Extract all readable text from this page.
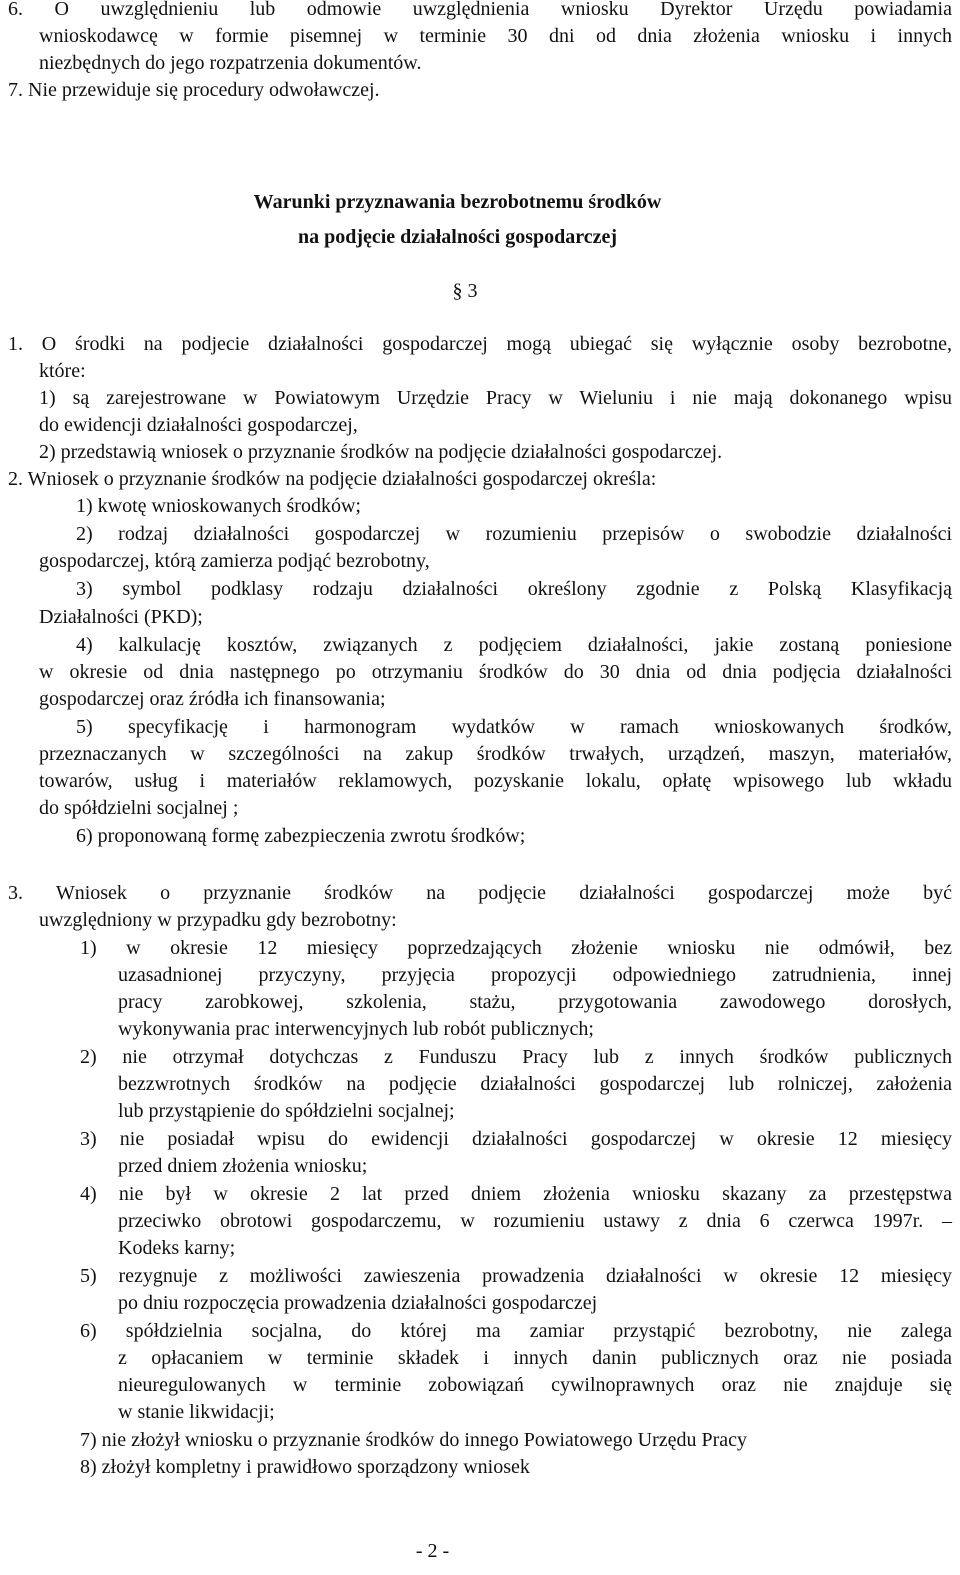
6. O uwzględnieniu lub odmowie uwzględnienia wniosku Dyrektor Urzędu powiadamia
wnioskodawcę w formie pisemnej w terminie 30 dni od dnia złożenia wniosku i innych
niezbędnych do jego rozpatrzenia dokumentów.
7. Nie przewiduje się procedury odwoławczej.
Warunki przyznawania bezrobotnemu środków
na podjęcie działalności gospodarczej
§ 3
1. O środki na podjecie działalności gospodarczej mogą ubiegać się wyłącznie osoby bezrobotne,
które:
1) są zarejestrowane w Powiatowym Urzędzie Pracy w Wieluniu i nie mają dokonanego wpisu
do ewidencji działalności gospodarczej,
2) przedstawią wniosek o przyznanie środków na podjęcie działalności gospodarczej.
2. Wniosek o przyznanie środków na podjęcie działalności gospodarczej określa:
1) kwotę wnioskowanych środków;
2) rodzaj działalności gospodarczej w rozumieniu przepisów o swobodzie działalności
gospodarczej, którą zamierza podjąć bezrobotny,
3) symbol podklasy rodzaju działalności określony zgodnie z Polską Klasyfikacją
Działalności (PKD);
4) kalkulację kosztów, związanych z podjęciem działalności, jakie zostaną poniesione
w okresie od dnia następnego po otrzymaniu środków do 30 dnia od dnia podjęcia działalności
gospodarczej oraz źródła ich finansowania;
5) specyfikację i harmonogram wydatków w ramach wnioskowanych środków,
przeznaczanych w szczególności na zakup środków trwałych, urządzeń, maszyn, materiałów,
towarów, usług i materiałów reklamowych, pozyskanie lokalu, opłatę wpisowego lub wkładu
do spółdzielni socjalnej ;
6) proponowaną formę zabezpieczenia zwrotu środków;
3. Wniosek o przyznanie środków na podjęcie działalności gospodarczej może być
uwzględniony w przypadku gdy bezrobotny:
1) w okresie 12 miesięcy poprzedzających złożenie wniosku nie odmówił, bez
uzasadnionej przyczyny, przyjęcia propozycji odpowiedniego zatrudnienia, innej
pracy zarobkowej, szkolenia, stażu, przygotowania zawodowego dorosłych,
wykonywania prac interwencyjnych lub robót publicznych;
2) nie otrzymał dotychczas z Funduszu Pracy lub z innych środków publicznych
bezzwrotnych środków na podjęcie działalności gospodarczej lub rolniczej, założenia
lub przystąpienie do spółdzielni socjalnej;
3) nie posiadał wpisu do ewidencji działalności gospodarczej w okresie 12 miesięcy
przed dniem złożenia wniosku;
4) nie był w okresie 2 lat przed dniem złożenia wniosku skazany za przestępstwa
przeciwko obrotowi gospodarczemu, w rozumieniu ustawy z dnia 6 czerwca 1997r. –
Kodeks karny;
5) rezygnuje z możliwości zawieszenia prowadzenia działalności w okresie 12 miesięcy
po dniu rozpoczęcia prowadzenia działalności gospodarczej
6) spółdzielnia socjalna, do której ma zamiar przystąpić bezrobotny, nie zalega
z opłacaniem w terminie składek i innych danin publicznych oraz nie posiada
nieuregulowanych w terminie zobowiązań cywilnoprawnych oraz nie znajduje się
w stanie likwidacji;
7) nie złożył wniosku o przyznanie środków do innego Powiatowego Urzędu Pracy
8) złożył kompletny i prawidłowo sporządzony wniosek
- 2 -
